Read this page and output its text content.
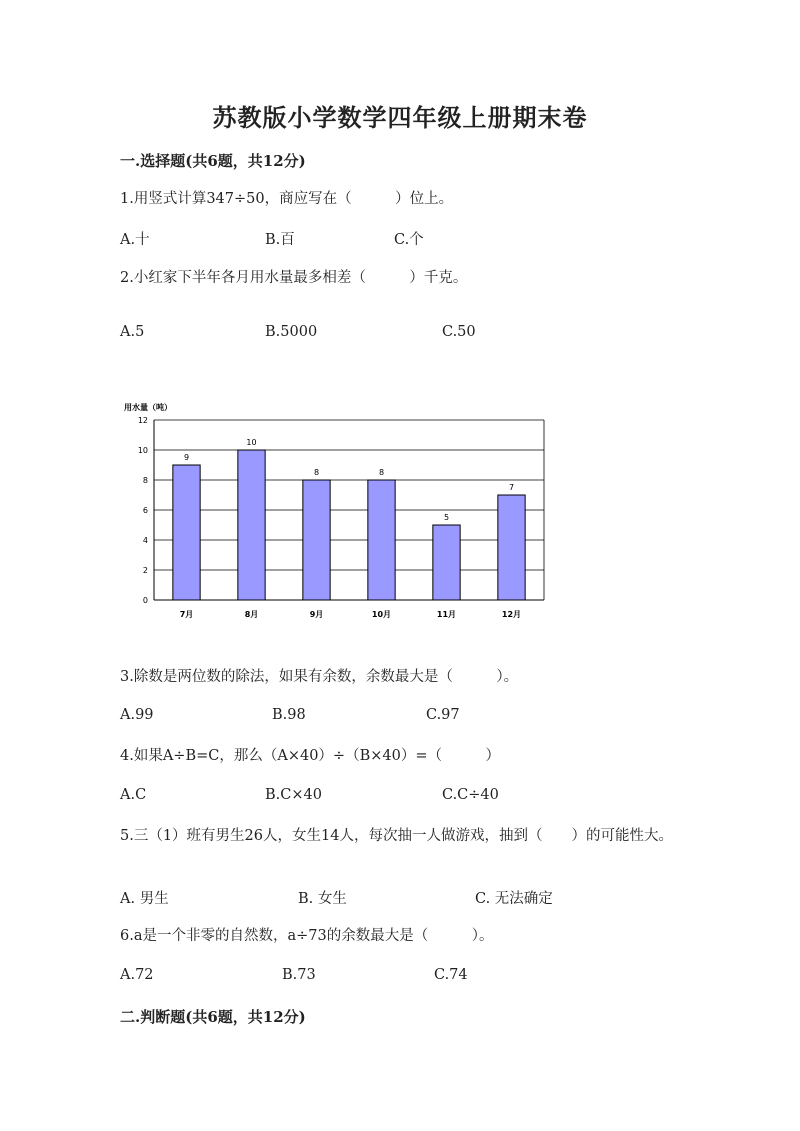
苏教版小学数学四年级上册期末卷
一.选择题(共6题，共12分)
1.用竖式计算347÷50，商应写在（　　　）位上。
A.十	B.百	C.个
2.小红家下半年各月用水量最多相差（　　　）千克。
A.5	B.5000	C.50
用水量（吨）
0
2
4
6
8
10
12
9
10
8	8
5
7
7月	8月	9月	10月	11月	12月
3.除数是两位数的除法，如果有余数，余数最大是（　　　）。
A.99	B.98	C.97
4.如果A÷B=C，那么（A×40）÷（B×40）=（　　　）
A.C	B.C×40	C.C÷40
5.三（1）班有男生26人，女生14人，每次抽一人做游戏，抽到（　　）的可能性大。
A. 男生	B. 女生	C. 无法确定
6.a是一个非零的自然数，a÷73的余数最大是（　　　）。
A.72	B.73	C.74
二.判断题(共6题，共12分)
